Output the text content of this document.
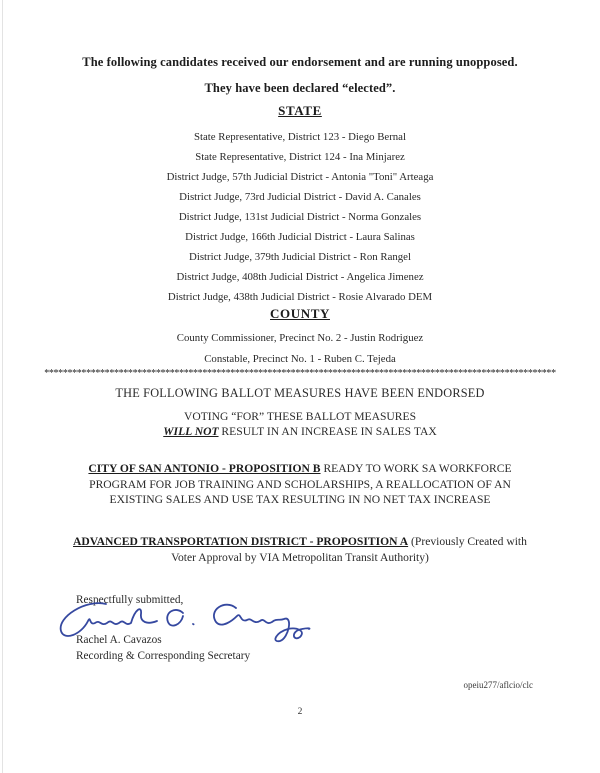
The following candidates received our endorsement and are running unopposed.
They have been declared “elected”.
STATE
State Representative, District 123 - Diego Bernal
State Representative, District 124 - Ina Minjarez
District Judge, 57th Judicial District - Antonia "Toni" Arteaga
District Judge, 73rd Judicial District - David A. Canales
District Judge, 131st Judicial District - Norma Gonzales
District Judge, 166th Judicial District - Laura Salinas
District Judge, 379th Judicial District - Ron Rangel
District Judge, 408th Judicial District - Angelica Jimenez
District Judge, 438th Judicial District - Rosie Alvarado DEM
COUNTY
County Commissioner, Precinct No. 2 - Justin Rodriguez
Constable, Precinct No. 1 - Ruben C. Tejeda
**************************************************************************************************************
THE FOLLOWING BALLOT MEASURES HAVE BEEN ENDORSED
VOTING “FOR” THESE BALLOT MEASURES
WILL NOT RESULT IN AN INCREASE IN SALES TAX
CITY OF SAN ANTONIO - PROPOSITION B READY TO WORK SA WORKFORCE PROGRAM FOR JOB TRAINING AND SCHOLARSHIPS, A REALLOCATION OF AN EXISTING SALES AND USE TAX RESULTING IN NO NET TAX INCREASE
ADVANCED TRANSPORTATION DISTRICT - PROPOSITION A (Previously Created with Voter Approval by VIA Metropolitan Transit Authority)
Respectfully submitted,
Rachel A. Cavazos
Recording & Corresponding Secretary
opeiu277/aflcio/clc
2
